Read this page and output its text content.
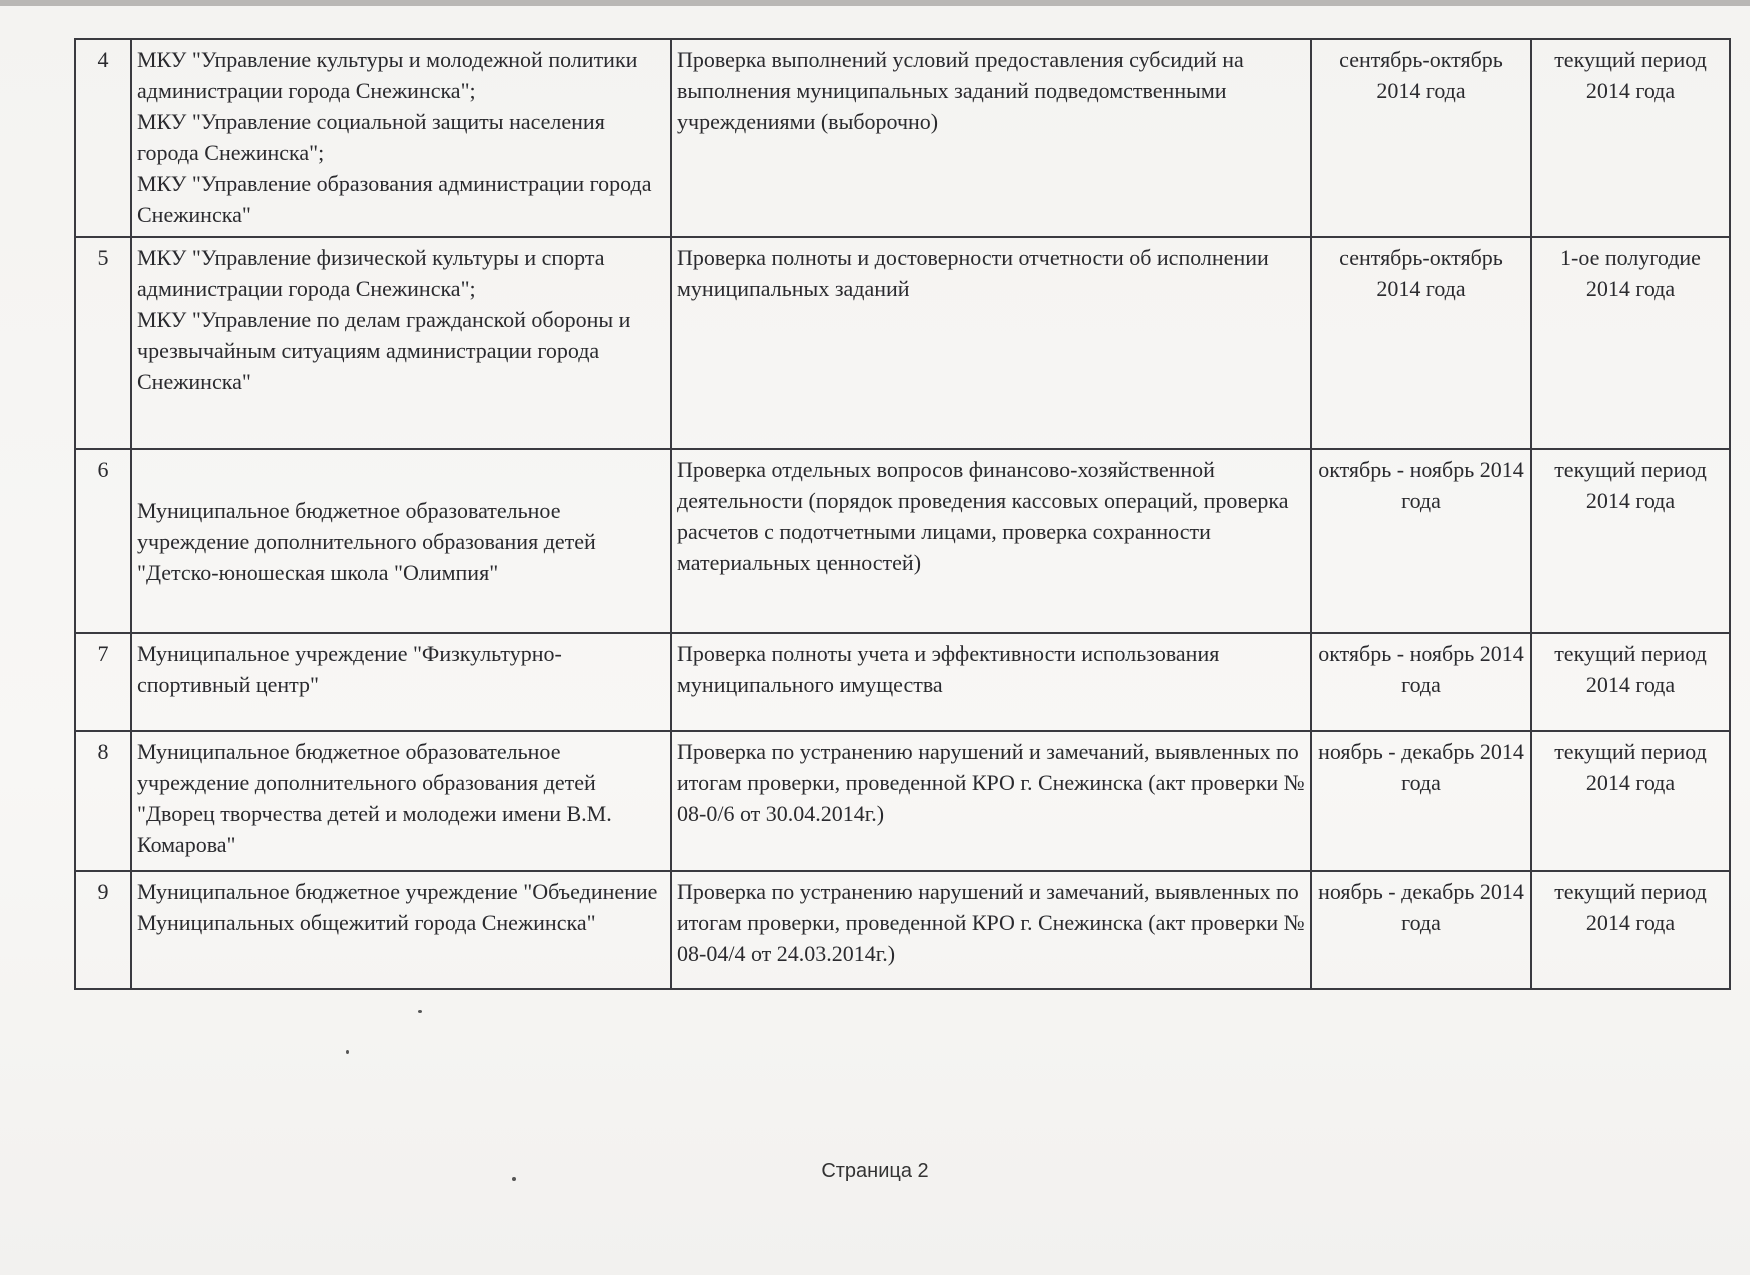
4	МКУ "Управление культуры и молодежной политики администрации города Снежинска";
МКУ "Управление социальной защиты населения города Снежинска";
МКУ "Управление образования администрации города Снежинска"	Проверка выполнений условий предоставления субсидий на выполнения муниципальных заданий подведомственными учреждениями (выборочно)	сентябрь-октябрь 2014 года	текущий период 2014 года
5	МКУ "Управление физической культуры и спорта администрации города Снежинска";
МКУ "Управление по делам гражданской обороны и чрезвычайным ситуациям администрации города Снежинска"	Проверка полноты и достоверности отчетности об исполнении муниципальных заданий	сентябрь-октябрь 2014 года	1-ое полугодие 2014 года
6	Муниципальное бюджетное образовательное учреждение дополнительного образования детей "Детско-юношеская школа "Олимпия"	Проверка отдельных вопросов финансово-хозяйственной деятельности (порядок проведения кассовых операций, проверка расчетов с подотчетными лицами, проверка сохранности материальных ценностей)	октябрь - ноябрь 2014 года	текущий период 2014 года
7	Муниципальное учреждение "Физкультурно-спортивный центр"	Проверка полноты учета и эффективности использования муниципального имущества	октябрь - ноябрь 2014 года	текущий период 2014 года
8	Муниципальное бюджетное образовательное учреждение дополнительного образования детей "Дворец творчества детей и молодежи имени В.М. Комарова"	Проверка по устранению нарушений и замечаний, выявленных по итогам проверки, проведенной КРО г. Снежинска (акт проверки № 08-0/6 от 30.04.2014г.)	ноябрь - декабрь 2014 года	текущий период 2014 года
9	Муниципальное бюджетное учреждение "Объединение Муниципальных общежитий города Снежинска"	Проверка по устранению нарушений и замечаний, выявленных по итогам проверки, проведенной КРО г. Снежинска (акт проверки № 08-04/4 от 24.03.2014г.)	ноябрь - декабрь 2014 года	текущий период 2014 года
Страница 2
